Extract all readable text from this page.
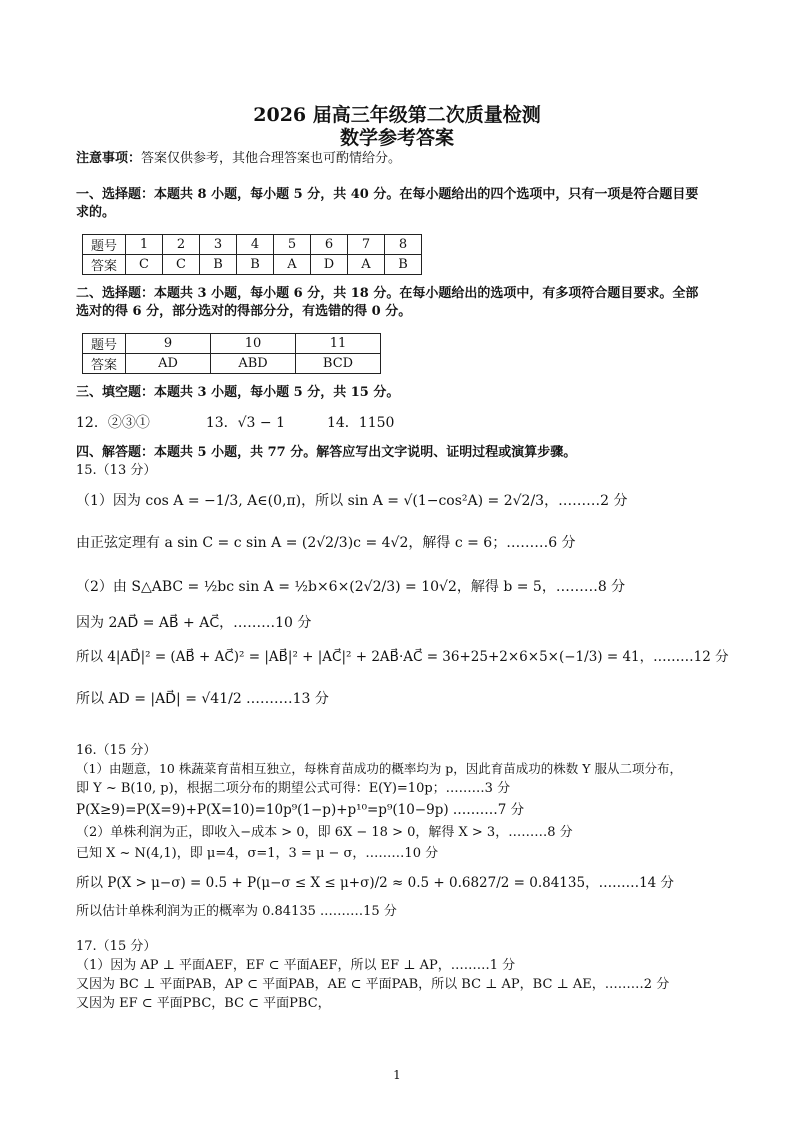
2026 届高三年级第二次质量检测
数学参考答案
注意事项：答案仅供参考，其他合理答案也可酌情给分。
一、选择题：本题共 8 小题，每小题 5 分，共 40 分。在每小题给出的四个选项中，只有一项是符合题目要
求的。
题号	1	2	3	4	5	6	7	8
答案	C	C	B	B	A	D	A	B
二、选择题：本题共 3 小题，每小题 6 分，共 18 分。在每小题给出的选项中，有多项符合题目要求。全部
选对的得 6 分，部分选对的得部分分，有选错的得 0 分。
题号	9	10	11
答案	AD	ABD	BCD
三、填空题：本题共 3 小题，每小题 5 分，共 15 分。
12．②③①　　　　13．√3 − 1　　　14．1150
四、解答题：本题共 5 小题，共 77 分。解答应写出文字说明、证明过程或演算步骤。
15.（13 分）
（1）因为 cos A = −1/3, A∈(0,π)，所以 sin A = √(1−cos²A) = 2√2/3，………2 分
由正弦定理有 a sin C = c sin A = (2√2/3)c = 4√2，解得 c = 6；………6 分
（2）由 S△ABC = ½bc sin A = ½b×6×(2√2/3) = 10√2，解得 b = 5，………8 分
因为 2AD⃗ = AB⃗ + AC⃗，………10 分
所以 4|AD⃗|² = (AB⃗ + AC⃗)² = |AB⃗|² + |AC⃗|² + 2AB⃗·AC⃗ = 36+25+2×6×5×(−1/3) = 41，………12 分
所以 AD = |AD⃗| = √41/2 .………13 分
16.（15 分）
（1）由题意，10 株蔬菜育苗相互独立，每株育苗成功的概率均为 p，因此育苗成功的株数 Y 服从二项分布，
即 Y ~ B(10, p)，根据二项分布的期望公式可得：E(Y)=10p；………3 分
P(X≥9)=P(X=9)+P(X=10)=10p⁹(1−p)+p¹⁰=p⁹(10−9p) .………7 分
（2）单株利润为正，即收入−成本 > 0，即 6X − 18 > 0，解得 X > 3，………8 分
已知 X ~ N(4,1)，即 μ=4，σ=1，3 = μ − σ，………10 分
所以 P(X > μ−σ) = 0.5 + P(μ−σ ≤ X ≤ μ+σ)/2 ≈ 0.5 + 0.6827/2 = 0.84135，………14 分
所以估计单株利润为正的概率为 0.84135 .………15 分
17.（15 分）
（1）因为 AP ⊥ 平面AEF，EF ⊂ 平面AEF，所以 EF ⊥ AP，………1 分
又因为 BC ⊥ 平面PAB，AP ⊂ 平面PAB，AE ⊂ 平面PAB，所以 BC ⊥ AP，BC ⊥ AE，………2 分
又因为 EF ⊂ 平面PBC，BC ⊂ 平面PBC，
1
